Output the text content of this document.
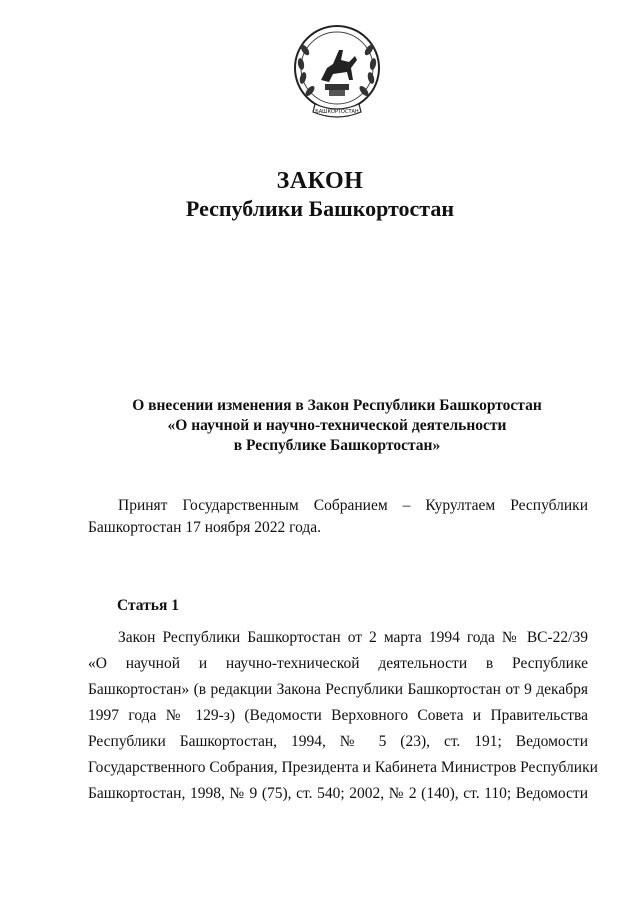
БАШКОРТОСТАН
ЗАКОН
Республики Башкортостан
О внесении изменения в Закон Республики Башкортостан
«О научной и научно-технической деятельности
в Республике Башкортостан»
Принят Государственным Собранием – Курултаем Республики
Башкортостан 17 ноября 2022 года.
Статья 1
Закон Республики Башкортостан от 2 марта 1994 года № ВС-22/39
«О научной и научно-технической деятельности в Республике
Башкортостан» (в редакции Закона Республики Башкортостан от 9 декабря
1997 года № 129-з) (Ведомости Верховного Совета и Правительства
Республики Башкортостан, 1994, № 5 (23), ст. 191; Ведомости
Государственного Собрания, Президента и Кабинета Министров Республики
Башкортостан, 1998, № 9 (75), ст. 540; 2002, № 2 (140), ст. 110; Ведомости
